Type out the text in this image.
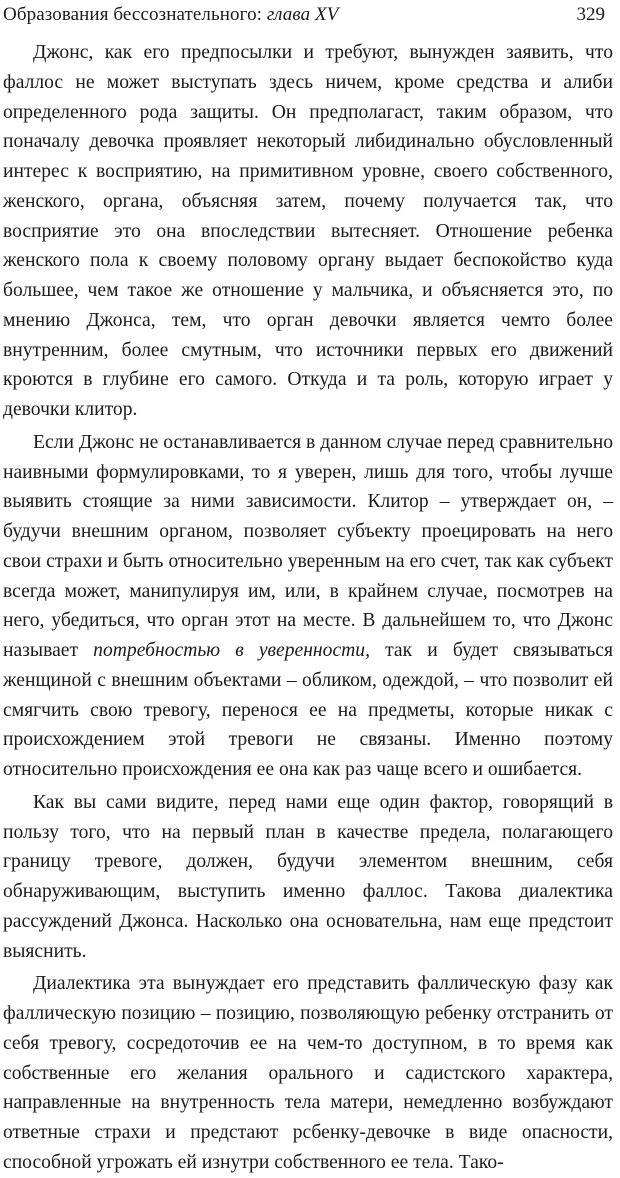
Образования бессознательного: глава XV	329

Джонс, как его предпосылки и требуют, вынужден заявить, что фаллос не может выступать здесь ничем, кроме средства и алиби определенного рода защиты. Он предполагаст, таким образом, что поначалу девочка проявляет некоторый либидинально обусловленный интерес к восприятию, на примитивном уровне, своего собственного, женского, органа, объясняя затем, почему получается так, что восприятие это она впоследствии вытесняет. Отношение ребенка женского пола к своему половому органу выдает беспокойство куда большее, чем такое же отношение у мальчика, и объясняется это, по мнению Джонса, тем, что орган девочки является чемто более внутренним, более смутным, что источники первых его движений кроются в глубине его самого. Откуда и та роль, которую играет у девочки клитор.

Если Джонс не останавливается в данном случае перед сравнительно наивными формулировками, то я уверен, лишь для того, чтобы лучше выявить стоящие за ними зависимости. Клитор – утверждает он, – будучи внешним органом, позволяет субъекту проецировать на него свои страхи и быть относительно уверенным на его счет, так как субъект всегда может, манипулируя им, или, в крайнем случае, посмотрев на него, убедиться, что орган этот на месте. В дальнейшем то, что Джонс называет потребностью в уверенности, так и будет связываться женщиной с внешним объектами – обликом, одеждой, – что позволит ей смягчить свою тревогу, перенося ее на предметы, которые никак с происхождением этой тревоги не связаны. Именно поэтому относительно происхождения ее она как раз чаще всего и ошибается.

Как вы сами видите, перед нами еще один фактор, говорящий в пользу того, что на первый план в качестве предела, полагающего границу тревоге, должен, будучи элементом внешним, себя обнаруживающим, выступить именно фаллос. Такова диалектика рассуждений Джонса. Насколько она основательна, нам еще предстоит выяснить.

Диалектика эта вынуждает его представить фаллическую фазу как фаллическую позицию – позицию, позволяющую ребенку отстранить от себя тревогу, сосредоточив ее на чем-то доступном, в то время как собственные его желания орального и садистского характера, направленные на внутренность тела матери, немедленно возбуждают ответные страхи и предстают рсбенку-девочке в виде опасности, способной угрожать ей изнутри собственного ее тела. Тако-
